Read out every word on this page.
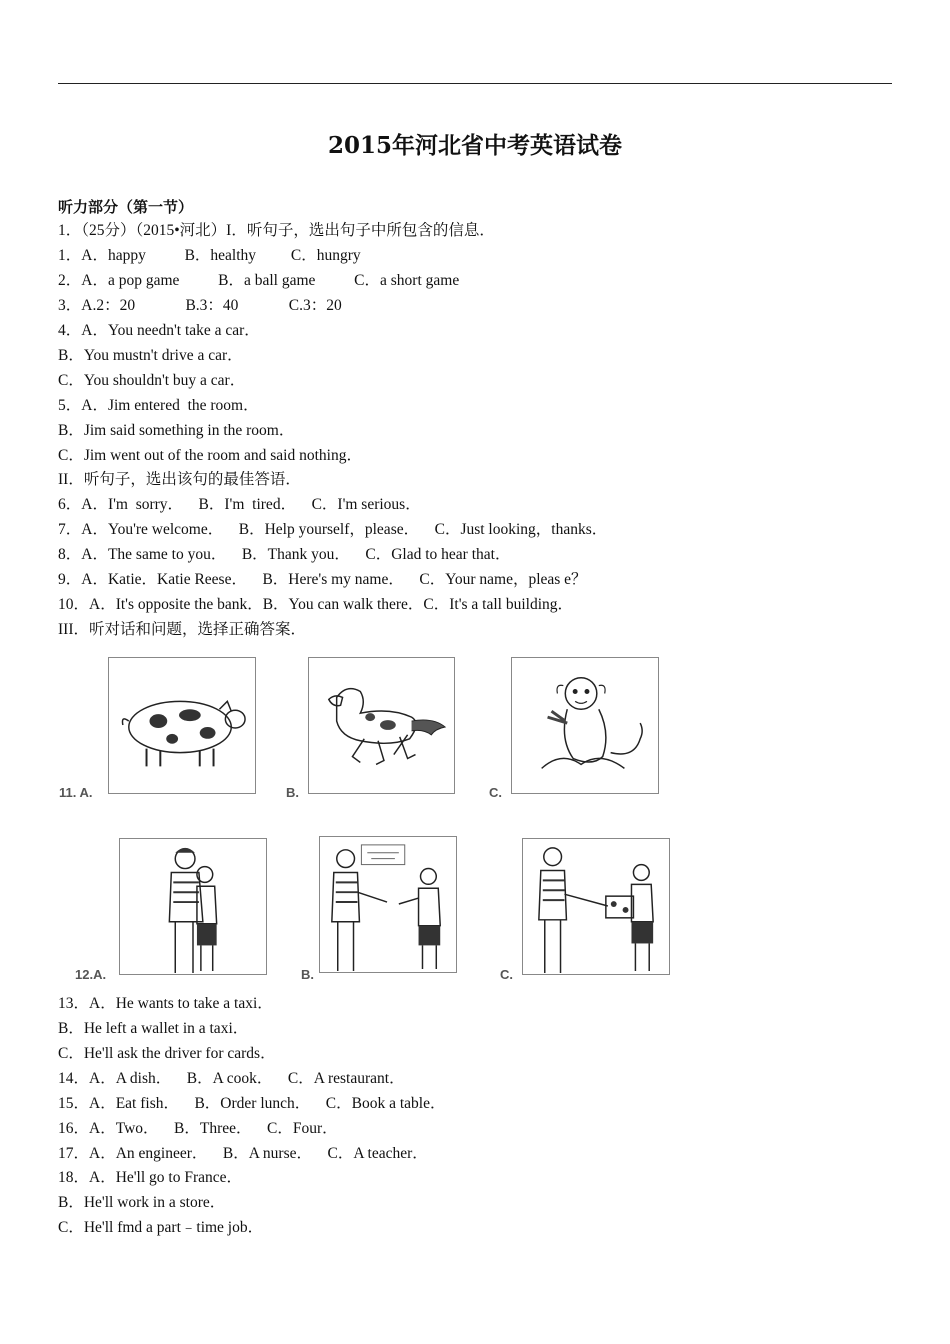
2015年河北省中考英语试卷
听力部分（第一节）
1．（25分）（2015•河北）I．听句子，选出句子中所包含的信息．
1．A．happy          B．healthy         C．hungry
2．A．a pop game          B．a ball game          C．a short game
3．A.2：20             B.3：40             C.3：20
4．A．You needn't take a car．
B．You mustn't drive a car．
C．You shouldn't buy a car．
5．A．Jim entered  the room．
B．Jim said something in the room．
C．Jim went out of the room and said nothing．
II．听句子，选出该句的最佳答语．
6．A．I'm  sorry．    B．I'm  tired．    C．I'm serious．
7．A．You're welcome．    B．Help yourself，please．    C．Just looking，thanks．
8．A．The same to you．    B．Thank you．    C．Glad to hear that．
9．A．Katie．Katie Reese．    B．Here's my name．    C．Your name，pleas e？
10．A．It's opposite the bank．B．You can walk there．C．It's a tall building．
III．听对话和问题，选择正确答案．
11. A.	B.	C.
12.A.	B.	C.
13．A．He wants to take a taxi．
B．He left a wallet in a taxi．
C．He'll ask the driver for cards．
14．A．A dish．    B．A cook．    C．A restaurant．
15．A．Eat fish．    B．Order lunch．    C．Book a table．
16．A．Two．    B．Three．    C．Four．
17．A．An engineer．    B．A nurse．    C．A teacher．
18．A．He'll go to France．
B．He'll work in a store．
C．He'll fmd a part﹣time job．
